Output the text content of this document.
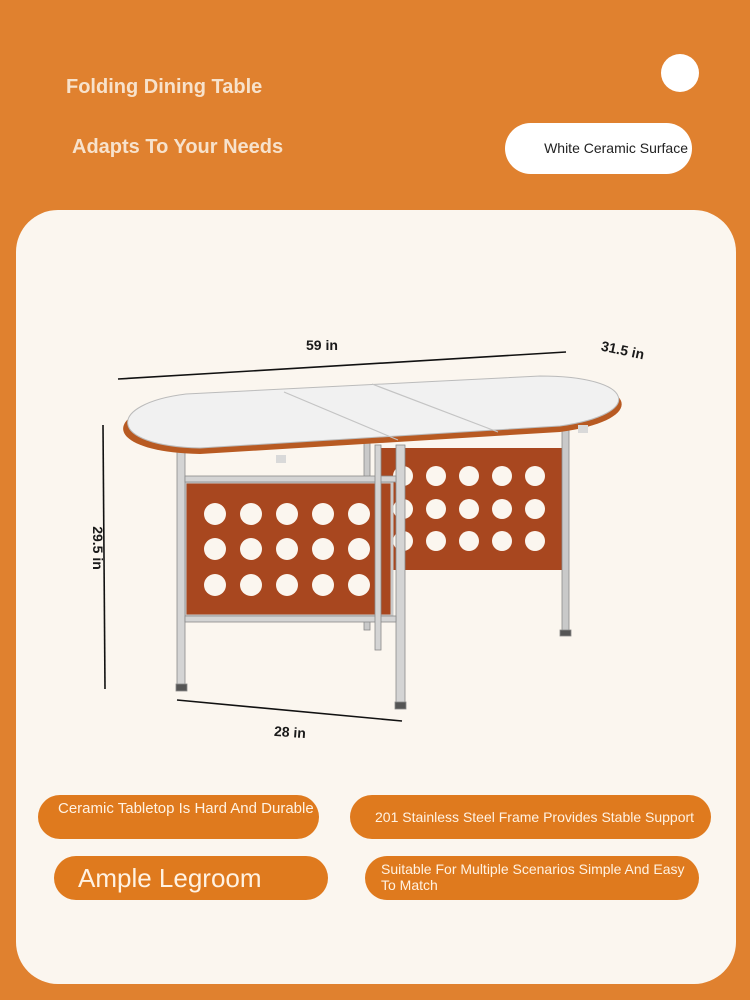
Folding Dining Table
Adapts To Your Needs	White Ceramic Surface
59 in	31.5 in
29.5 in
28 in
Ceramic Tabletop Is Hard And Durable	201 Stainless Steel Frame Provides Stable Support
Ample Legroom	Suitable For Multiple Scenarios Simple And Easy To Match
